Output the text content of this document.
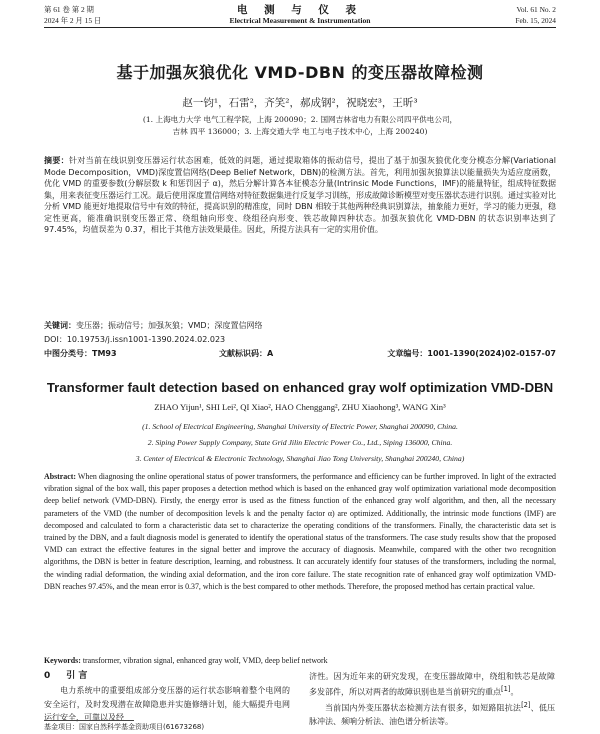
第 61 卷 第 2 期
2024 年 2 月 15 日
电 测 与 仪 表
Electrical Measurement & Instrumentation
Vol. 61 No. 2
Feb. 15, 2024
基于加强灰狼优化 VMD-DBN 的变压器故障检测
赵一钧¹，石雷²，齐笑²，郝成钢²，祝晓宏³，王昕³
(1. 上海电力大学 电气工程学院，上海 200090；2. 国网吉林省电力有限公司四平供电公司，
吉林 四平 136000；3. 上海交通大学 电工与电子技术中心，上海 200240)
摘要：针对当前在线识别变压器运行状态困难，低效的问题，通过提取箱体的振动信号，提出了基于加强灰狼优化变分模态分解(Variational Mode Decomposition，VMD)深度置信网络(Deep Belief Network，DBN)的检测方法。首先，利用加强灰狼算法以能量损失为适应度函数，优化 VMD 的重要参数(分解层数 k 和惩罚因子 α)，然后分解计算各本征模态分量(Intrinsic Mode Functions，IMF)的能量特征，组成特征数据集，用来表征变压器运行工况。最后使用深度置信网络对特征数据集进行反复学习训练，形成故障诊断模型对变压器状态进行识别。通过实验对比分析 VMD 能更好地提取信号中有效的特征，提高识别的精准度，同时 DBN 相较于其他两种经典识别算法，抽象能力更好，学习的能力更强，稳定性更高，能准确识别变压器正常、绕组轴向形变、绕组径向形变、铁芯故障四种状态。加强灰狼优化 VMD-DBN 的状态识别率达到了 97.45%，均值误差为 0.37，相比于其他方法效果最佳。因此，所提方法具有一定的实用价值。
关键词：变压器；振动信号；加强灰狼；VMD；深度置信网络
DOI：10.19753/j.issn1001-1390.2024.02.023
中图分类号：TM93	文献标识码：A	文章编号：1001-1390(2024)02-0157-07
Transformer fault detection based on enhanced gray wolf optimization VMD-DBN
ZHAO Yijun¹, SHI Lei², QI Xiao², HAO Chenggang², ZHU Xiaohong³, WANG Xin³
(1. School of Electrical Engineering, Shanghai University of Electric Power, Shanghai 200090, China.
2. Siping Power Supply Company, State Grid Jilin Electric Power Co., Ltd., Siping 136000, China.
3. Center of Electrical & Electronic Technology, Shanghai Jiao Tong University, Shanghai 200240, China)
Abstract: When diagnosing the online operational status of power transformers, the performance and efficiency can be further improved. In light of the extracted vibration signal of the box wall, this paper proposes a detection method which is based on the enhanced gray wolf optimization variational mode decomposition deep belief network (VMD-DBN). Firstly, the energy error is used as the fitness function of the enhanced gray wolf algorithm, and then, all the necessary parameters of the VMD (the number of decomposition levels k and the penalty factor α) are optimized. Additionally, the intrinsic mode functions (IMF) are decomposed and calculated to form a characteristic data set to characterize the operating conditions of the transformers. Finally, the characteristic data set is trained by the DBN, and a fault diagnosis model is generated to identify the operational status of the transformers. The case study results show that the proposed VMD can extract the effective features in the signal better and improve the accuracy of diagnosis. Meanwhile, compared with the other two recognition algorithms, the DBN is better in feature description, learning, and robustness. It can accurately identify four statuses of the transformers, including the normal, the winding radial deformation, the winding axial deformation, and the iron core failure. The state recognition rate of enhanced gray wolf optimization VMD-DBN reaches 97.45%, and the mean error is 0.37, which is the best compared to other methods. Therefore, the proposed method has certain practical value.
Keywords: transformer, vibration signal, enhanced gray wolf, VMD, deep belief network
0 引 言

电力系统中的重要组成部分变压器的运行状态影响着整个电网的安全运行，及时发现潜在故障隐患并实施修缮计划，能大幅提升电网运行安全，可靠以及经

济性。因为近年来的研究发现，在变压器故障中，绕组和铁芯是故障多发部件，所以对两者的故障识别也是当前研究的重点[1]。

当前国内外变压器状态检测方法有很多，如短路阻抗法[2]、低压脉冲法、频响分析法、油色谱分析法等。

基金项目：国家自然科学基金资助项目(61673268)
